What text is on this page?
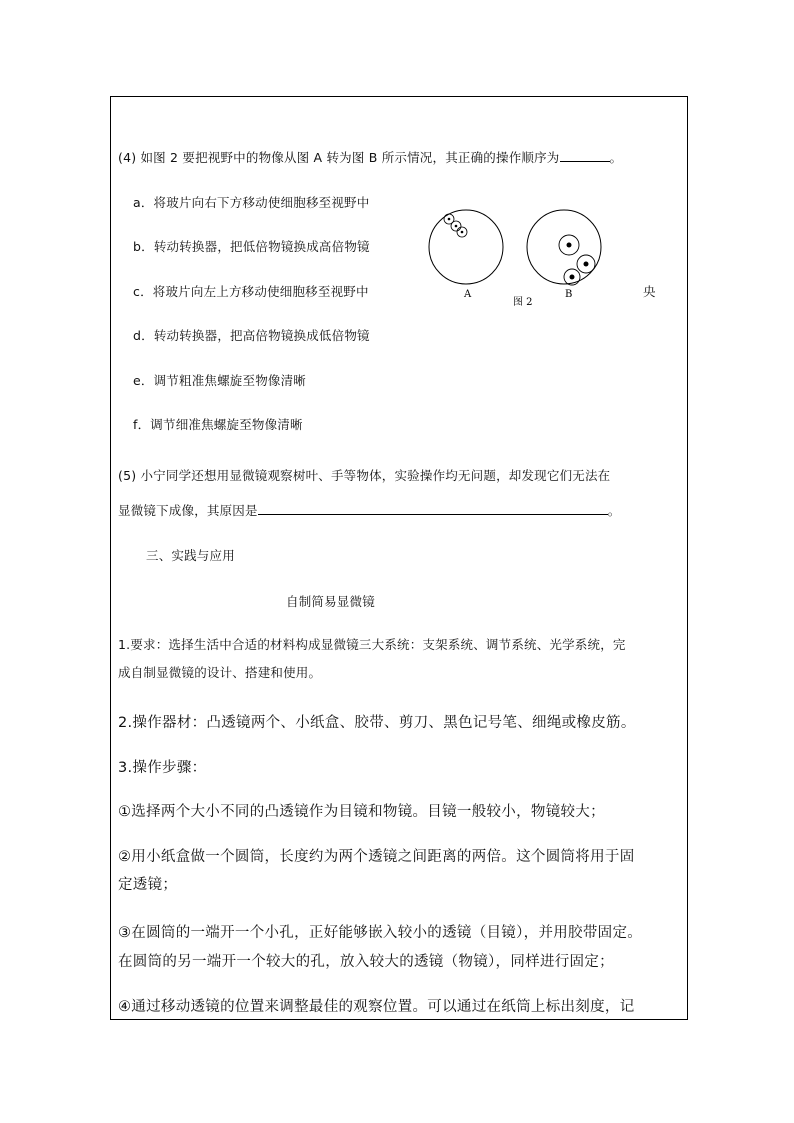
(4) 如图 2 要把视野中的物像从图 A 转为图 B 所示情况，其正确的操作顺序为	。
a．将玻片向右下方移动使细胞移至视野中
b．转动转换器，把低倍物镜换成高倍物镜
c．将玻片向左上方移动使细胞移至视野中
d．转动转换器，把高倍物镜换成低倍物镜
e．调节粗准焦螺旋至物像清晰
f．调节细准焦螺旋至物像清晰
央
A
图 2
B
(5) 小宁同学还想用显微镜观察树叶、手等物体，实验操作均无问题，却发现它们无法在
显微镜下成像，其原因是	。
三、实践与应用
自制简易显微镜
1.要求：选择生活中合适的材料构成显微镜三大系统：支架系统、调节系统、光学系统，完
成自制显微镜的设计、搭建和使用。
2.操作器材：凸透镜两个、小纸盒、胶带、剪刀、黑色记号笔、细绳或橡皮筋。
3.操作步骤：
①选择两个大小不同的凸透镜作为目镜和物镜。目镜一般较小，物镜较大；
②用小纸盒做一个圆筒，长度约为两个透镜之间距离的两倍。这个圆筒将用于固
定透镜；
③在圆筒的一端开一个小孔，正好能够嵌入较小的透镜（目镜），并用胶带固定。
在圆筒的另一端开一个较大的孔，放入较大的透镜（物镜），同样进行固定；
④通过移动透镜的位置来调整最佳的观察位置。可以通过在纸筒上标出刻度，记
